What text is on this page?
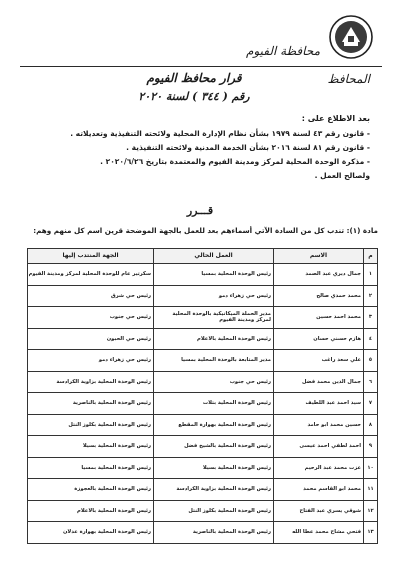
محافظة الفيوم
المحافظ
قرار محافظ الفيوم
رقم ( ٣٤٤ ) لسنة ٢٠٢٠
بعد الاطلاع على :
- قانون رقم ٤٣ لسنة ١٩٧٩ بشأن نظام الإدارة المحلية ولائحته التنفيذية وتعديلاته .
- قانون رقم ٨١ لسنة ٢٠١٦ بشأن الخدمة المدنية ولائحته التنفيذية .
- مذكرة الوحدة المحلية لمركز ومدينة الفيوم والمعتمدة بتاريخ ٢٠٢٠/٦/٢٦ .
ولصالح العمل .
قـــرر
مادة (١): تندب كل من السادة الآتي أسماءهم بعد للعمل بالجهة الموضحة قرين اسم كل منهم وهم:
م	الاسم	العمل الحالي	الجهة المنتدب إليها
١	جمال ديري عبد الصمد	رئيس الوحدة المحلية بمسيا	سكرتير عام للوحدة المحلية لمركز ومدينة الفيوم
٢	محمد حمدي صالح	رئيس حي زهراء دمو	رئيس حي شرق
٣	محمد احمد حسين	مدير الحملة الميكانيكية بالوحدة المحلية لمركز ومدينة الفيوم	رئيس حي جنوب
٤	هازم حسني حسان	رئيس الوحدة المحلية بالاعلام	رئيس حي الحبون
٥	علي سعد راغب	مدير المتابعة بالوحدة المحلية بمسيا	رئيس حي زهراء دمو
٦	جمال الدين محمد فضل	رئيس حي جنوب	رئيس الوحدة المحلية بزاوية الكرادسة
٧	سيد احمد عبد اللطيف	رئيس الوحدة المحلية بتلات	رئيس الوحدة المحلية بالناصرية
٨	حسين محمد ابو حامد	رئيس الوحدة المحلية بهوارة المقطع	رئيس الوحدة المحلية بكلوز النتل
٩	احمد لطفي احمد عيسى	رئيس الوحدة المحلية بالشيخ فضل	رئيس الوحدة المحلية بسيلا
١٠	عزت محمد عبد الرحيم	رئيس الوحدة المحلية بسيلا	رئيس الوحدة المحلية بمسيا
١١	محمد ابو القاسم محمد	رئيس الوحدة المحلية بزاوية الكرادسة	رئيس الوحدة المحلية بالعجوزة
١٢	شوقي يسري عبد الفتاح	رئيس الوحدة المحلية بكلوز النتل	رئيس الوحدة المحلية بالاعلام
١٣	فتحي مشاح محمد عطا الله	رئيس الوحدة المحلية بالناصرية	رئيس الوحدة المحلية بهوارة عدلان
